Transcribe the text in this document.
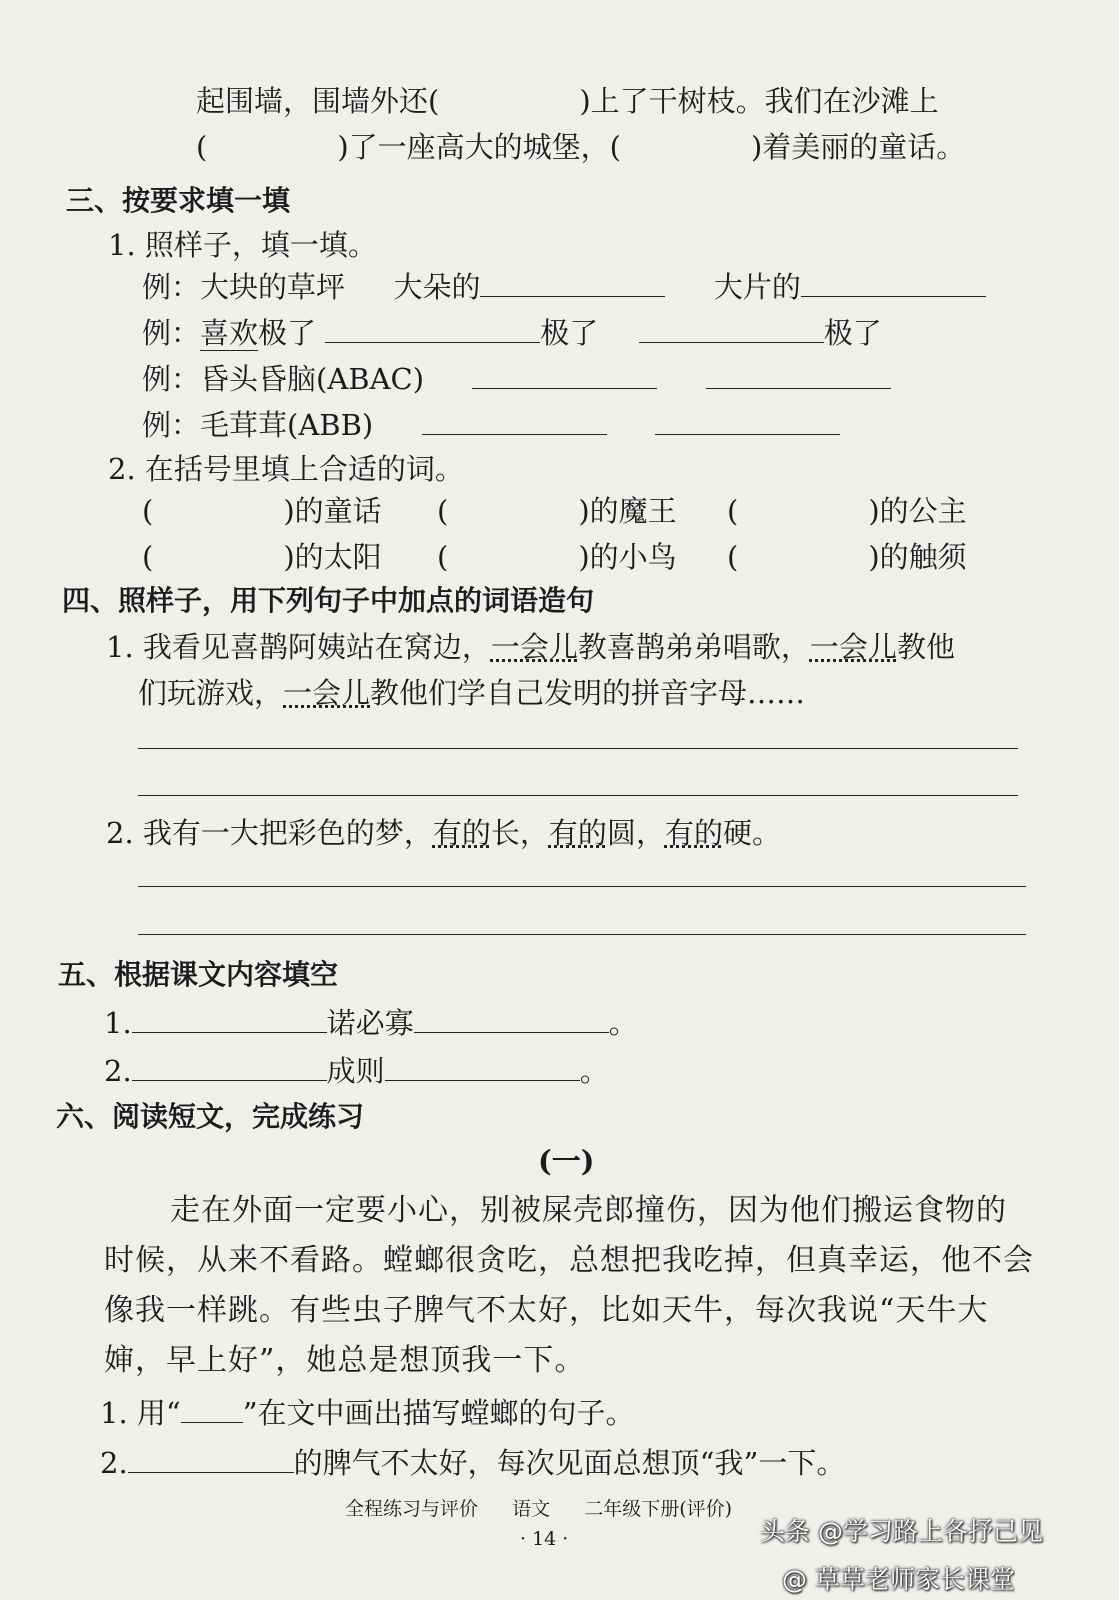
起围墙，围墙外还(	)上了干树枝。我们在沙滩上
(	)了一座高大的城堡，(	)着美丽的童话。
三、按要求填一填
1. 照样子，填一填。
例：大块的草坪 大朵的	大片的
例：喜欢极了	极了	极了
例：昏头昏脑(ABAC)
例：毛茸茸(ABB)
2. 在括号里填上合适的词。
(	)的童话 (	)的魔王 (	)的公主
(	)的太阳 (	)的小鸟 (	)的触须
四、照样子，用下列句子中加点的词语造句
1. 我看见喜鹊阿姨站在窝边，一会儿教喜鹊弟弟唱歌，一会儿教他
们玩游戏，一会儿教他们学自己发明的拼音字母……
2. 我有一大把彩色的梦，有的长，有的圆，有的硬。
五、根据课文内容填空
1.	诺必寡	。
2.	成则	。
六、阅读短文，完成练习
(一)
走在外面一定要小心，别被屎壳郎撞伤，因为他们搬运食物的
时候，从来不看路。螳螂很贪吃，总想把我吃掉，但真幸运，他不会
像我一样跳。有些虫子脾气不太好，比如天牛，每次我说“天牛大
婶，早上好”，她总是想顶我一下。
1. 用“ ”在文中画出描写螳螂的句子。
2.	的脾气不太好，每次见面总想顶“我”一下。
全程练习与评价 语文 二年级下册(评价)
· 14 ·	头条 @学习路上各抒己见
@ 草草老师家长课堂
